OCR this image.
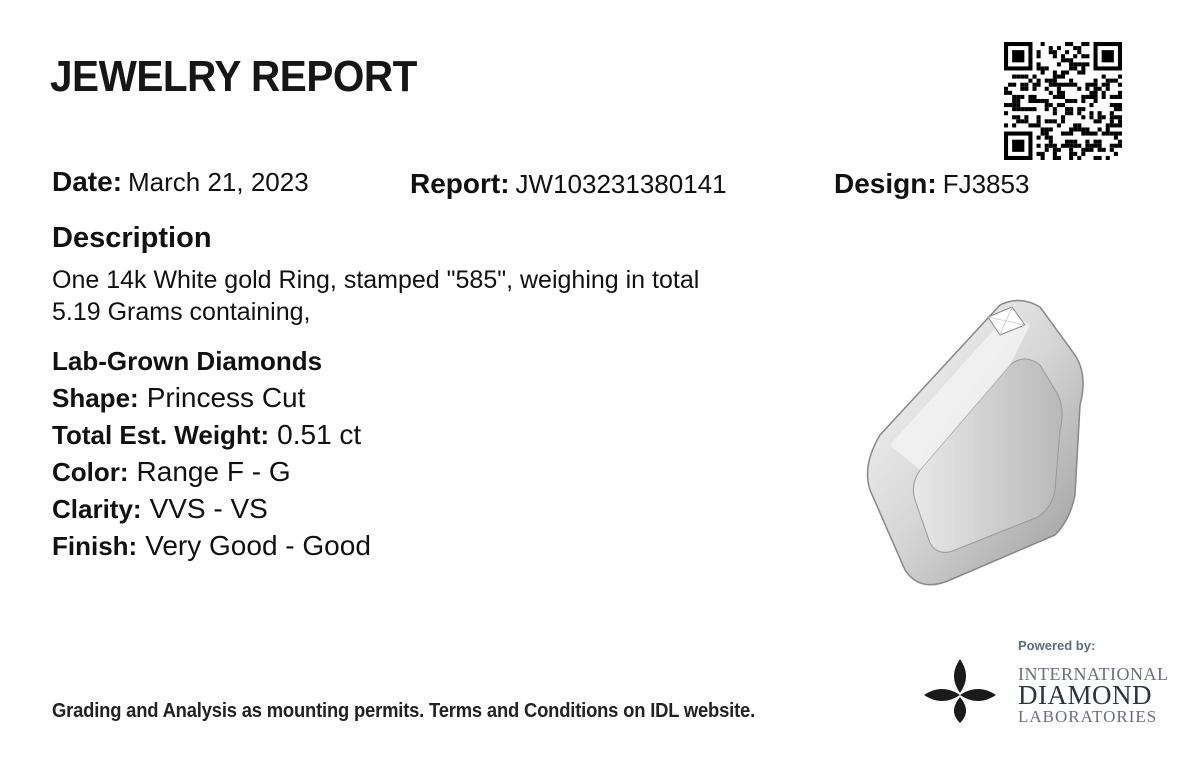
JEWELRY REPORT
Date: March 21, 2023	Report: JW103231380141	Design: FJ3853
Description
One 14k White gold Ring, stamped "585", weighing in total
5.19 Grams containing,
Lab-Grown Diamonds
Shape: Princess Cut
Total Est. Weight: 0.51 ct
Color: Range F - G
Clarity: VVS - VS
Finish: Very Good - Good
Grading and Analysis as mounting permits. Terms and Conditions on IDL website.
Powered by:
INTERNATIONAL
DIAMOND
LABORATORIES
